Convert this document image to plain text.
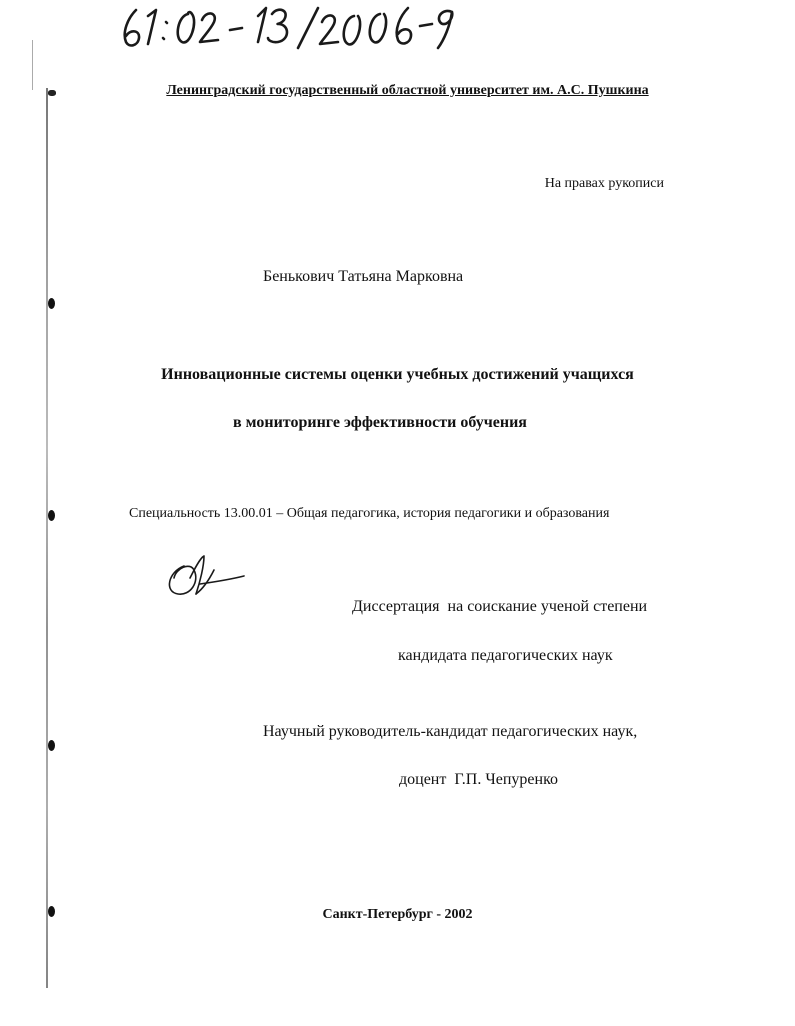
Ленинградский государственный областной университет им. А.С. Пушкина
На правах рукописи
Бенькович Татьяна Марковна
Инновационные системы оценки учебных достижений учащихся
в мониторинге эффективности обучения
Специальность 13.00.01 – Общая педагогика, история педагогики и образования
Диссертация  на соискание ученой степени
кандидата педагогических наук
Научный руководитель-кандидат педагогических наук,
доцент  Г.П. Чепуренко
Санкт-Петербург - 2002
